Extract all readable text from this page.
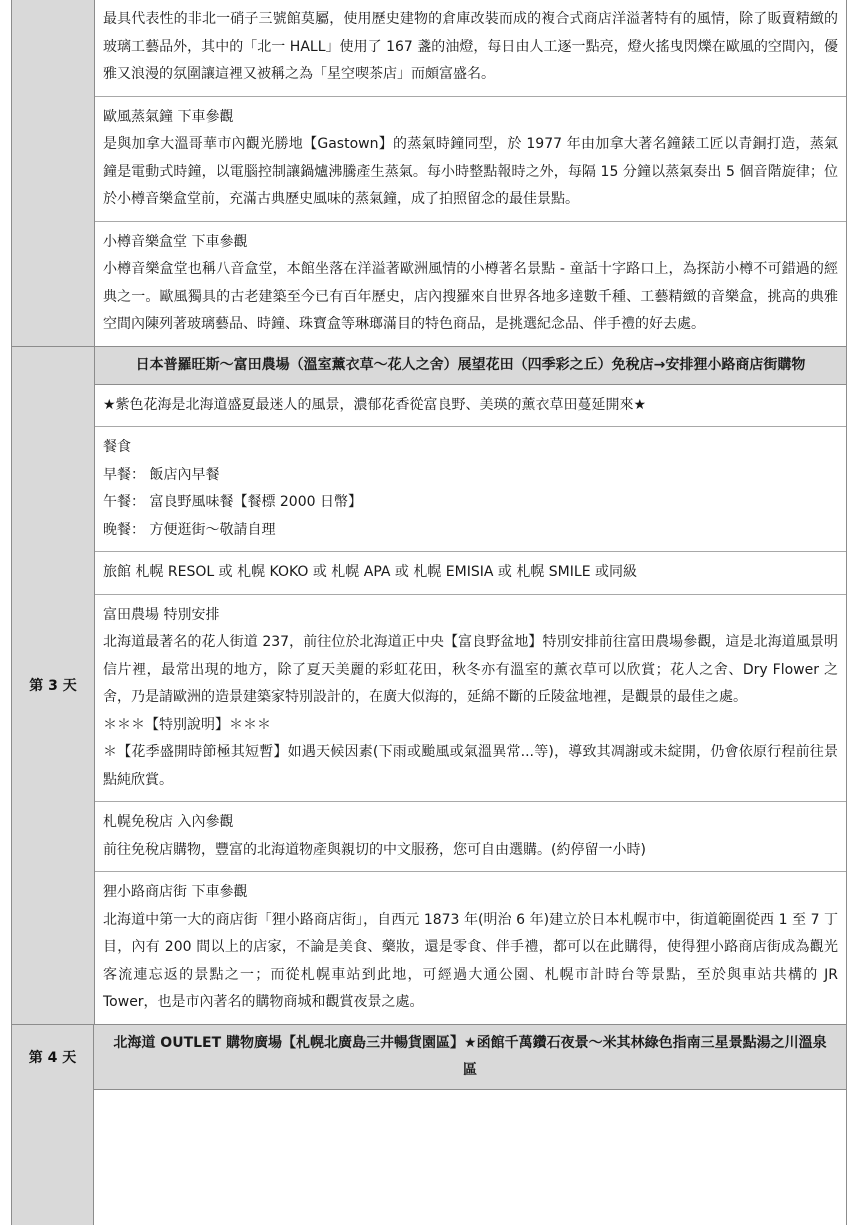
最具代表性的非北一硝子三號館莫屬，使用歷史建物的倉庫改裝而成的複合式商店洋溢著特有的風情，除了販賣精緻的玻璃工藝品外，其中的「北一 HALL」使用了 167 盞的油燈，每日由人工逐一點亮，燈火搖曳閃爍在歐風的空間內，優雅又浪漫的氛圍讓這裡又被稱之為「星空喫茶店」而頗富盛名。

歐風蒸氣鐘 下車參觀

是與加拿大溫哥華市內觀光勝地【Gastown】的蒸氣時鐘同型，於 1977 年由加拿大著名鐘錶工匠以青銅打造，蒸氣鐘是電動式時鐘，以電腦控制讓鍋爐沸騰產生蒸氣。每小時整點報時之外，每隔 15 分鐘以蒸氣奏出 5 個音階旋律；位於小樽音樂盒堂前，充滿古典歷史風味的蒸氣鐘，成了拍照留念的最佳景點。

小樽音樂盒堂 下車參觀

小樽音樂盒堂也稱八音盒堂，本館坐落在洋溢著歐洲風情的小樽著名景點 - 童話十字路口上，為探訪小樽不可錯過的經典之一。歐風獨具的古老建築至今已有百年歷史，店內搜羅來自世界各地多達數千種、工藝精緻的音樂盒，挑高的典雅空間內陳列著玻璃藝品、時鐘、珠寶盒等琳瑯滿目的特色商品，是挑選紀念品、伴手禮的好去處。

第 3 天
日本普羅旺斯～富田農場（溫室薰衣草～花人之舍）展望花田（四季彩之丘）免稅店→安排狸小路商店街購物

★紫色花海是北海道盛夏最迷人的風景，濃郁花香從富良野、美瑛的薰衣草田蔓延開來★

餐食

早餐： 飯店內早餐

午餐： 富良野風味餐【餐標 2000 日幣】

晚餐： 方便逛街～敬請自理

旅館 札幌 RESOL 或 札幌 KOKO 或 札幌 APA 或 札幌 EMISIA 或 札幌 SMILE 或同級

富田農場 特別安排

北海道最著名的花人街道 237，前往位於北海道正中央【富良野盆地】特別安排前往富田農場參觀，這是北海道風景明信片裡，最常出現的地方，除了夏天美麗的彩虹花田，秋冬亦有溫室的薰衣草可以欣賞；花人之舍、Dry Flower 之舍，乃是請歐洲的造景建築家特別設計的，在廣大似海的，延綿不斷的丘陵盆地裡，是觀景的最佳之處。

＊＊＊【特別說明】＊＊＊

＊【花季盛開時節極其短暫】如遇天候因素(下雨或颱風或氣溫異常...等)，導致其凋謝或未綻開，仍會依原行程前往景點純欣賞。

札幌免稅店 入內參觀

前往免稅店購物，豐富的北海道物產與親切的中文服務，您可自由選購。(約停留一小時)

狸小路商店街 下車參觀

北海道中第一大的商店街「狸小路商店街」，自西元 1873 年(明治 6 年)建立於日本札幌市中，街道範圍從西 1 至 7 丁目，內有 200 間以上的店家，不論是美食、藥妝，還是零食、伴手禮，都可以在此購得，使得狸小路商店街成為觀光客流連忘返的景點之一；而從札幌車站到此地，可經過大通公園、札幌市計時台等景點，至於與車站共構的 JR Tower，也是市內著名的購物商城和觀賞夜景之處。

第 4 天
北海道 OUTLET 購物廣場【札幌北廣島三井暢貨園區】★函館千萬鑽石夜景～米其林綠色指南三星景點湯之川溫泉區
